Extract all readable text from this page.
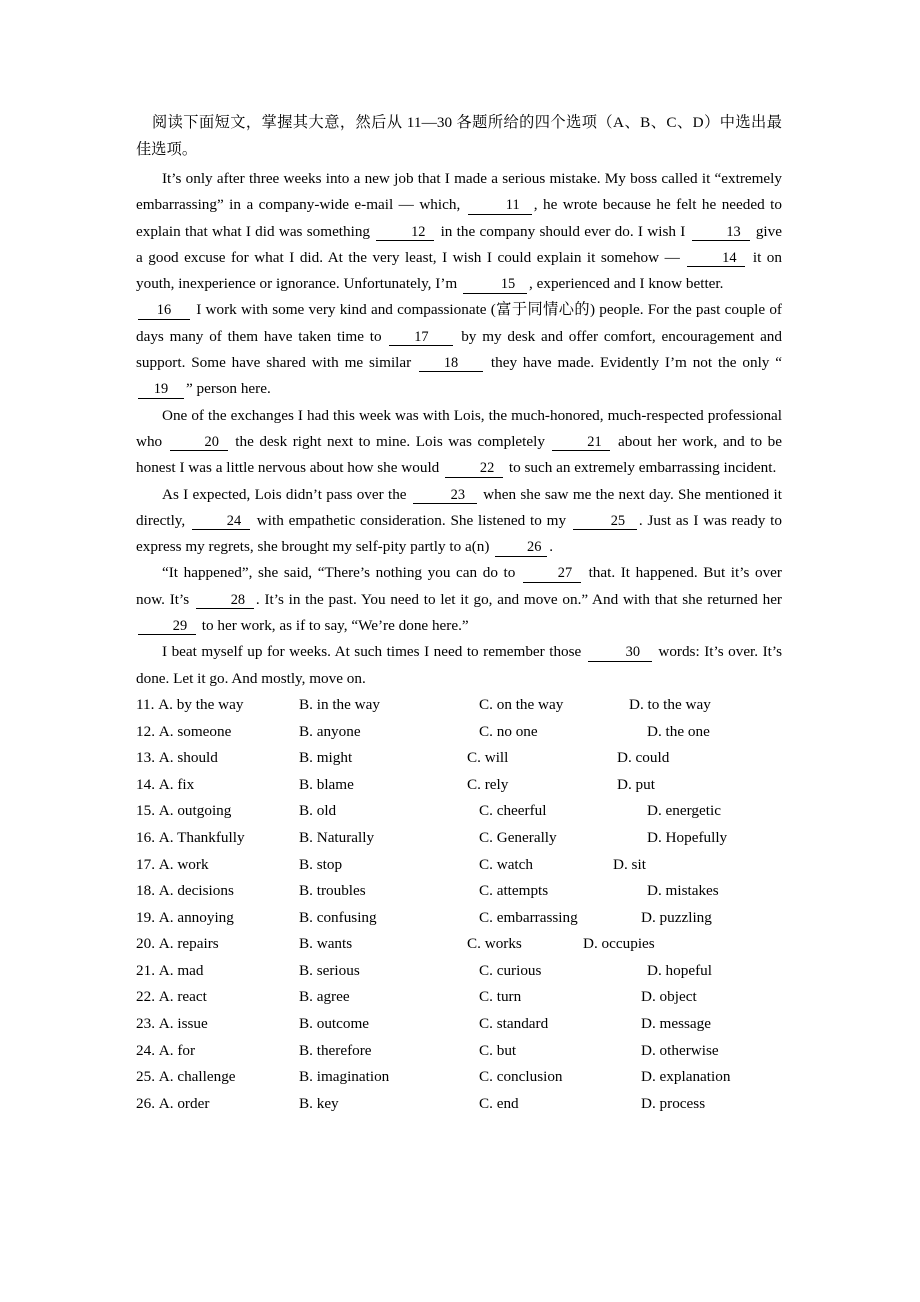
阅读下面短文，掌握其大意，然后从 11—30 各题所给的四个选项（A、B、C、D）中选出最佳选项。

It’s only after three weeks into a new job that I made a serious mistake. My boss called it “extremely embarrassing” in a company-wide e-mail — which,	11 , he wrote because he felt he needed to explain that what I did was something	12 in the company should ever do. I wish I	13 give a good excuse for what I did. At the very least, I wish I could explain it somehow —	14 it on youth, inexperience or ignorance. Unfortunately, I’m	15 , experienced and I know better.

16 I work with some very kind and compassionate (富于同情心的) people. For the past couple of days many of them have taken time to 17 by my desk and offer comfort, encouragement and support. Some have shared with me similar 18 they have made. Evidently I’m not the only “19 ” person here.

One of the exchanges I had this week was with Lois, the much-honored, much-respected professional who	20 the desk right next to mine. Lois was completely	21 about her work, and to be honest I was a little nervous about how she would	22 to such an extremely embarrassing incident.

As I expected, Lois didn’t pass over the	23 when she saw me the next day. She mentioned it directly,	24 with empathetic consideration. She listened to my	25 . Just as I was ready to express my regrets, she brought my self-pity partly to a(n) 26 .

“It happened”, she said, “There’s nothing you can do to	27 that. It happened. But it’s over now. It’s	28 . It’s in the past. You need to let it go, and move on.” And with that she returned her 29 to her work, as if to say, “We’re done here.”

I beat myself up for weeks. At such times I need to remember those	30 words: It’s over. It’s done. Let it go. And mostly, move on.

11. A. by the way	B. in the way	C. on the way	D. to the way
12. A. someone	B. anyone	C. no one	D. the one
13. A. should	B. might	C. will	D. could
14. A. fix	B. blame	C. rely	D. put
15. A. outgoing	B. old	C. cheerful	D. energetic
16. A. Thankfully	B. Naturally	C. Generally	D. Hopefully
17. A. work	B. stop	C. watch	D. sit
18. A. decisions	B. troubles	C. attempts	D. mistakes
19. A. annoying	B. confusing	C. embarrassing	D. puzzling
20. A. repairs	B. wants	C. works	D. occupies
21. A. mad	B. serious	C. curious	D. hopeful
22. A. react	B. agree	C. turn	D. object
23. A. issue	B. outcome	C. standard	D. message
24. A. for	B. therefore	C. but	D. otherwise
25. A. challenge	B. imagination	C. conclusion	D. explanation
26. A. order	B. key	C. end	D. process
